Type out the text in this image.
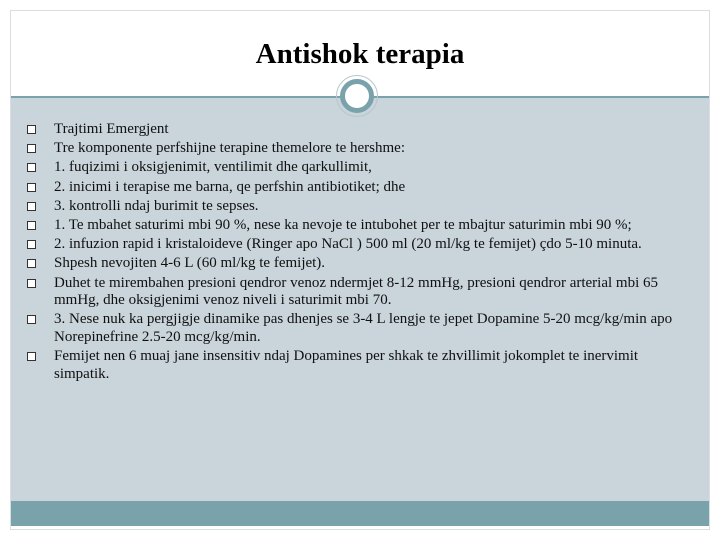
Antishok terapia
Trajtimi Emergjent
Tre komponente perfshijne terapine themelore te hershme:
1. fuqizimi i oksigjenimit, ventilimit dhe qarkullimit,
2. inicimi i terapise me barna, qe perfshin antibiotiket; dhe
3. kontrolli ndaj burimit te sepses.
1. Te mbahet saturimi mbi 90 %, nese ka nevoje te intubohet per te mbajtur saturimin mbi 90 %;
2. infuzion rapid i kristaloideve (Ringer apo NaCl ) 500 ml (20 ml/kg te femijet) çdo 5-10 minuta.
Shpesh nevojiten 4-6 L (60 ml/kg te femijet).
Duhet te mirembahen presioni qendror venoz ndermjet 8-12 mmHg, presioni qendror arterial mbi 65 mmHg, dhe oksigjenimi venoz niveli i saturimit mbi 70.
3. Nese nuk ka pergjigje dinamike pas dhenjes se 3-4 L lengje te jepet Dopamine 5-20 mcg/kg/min apo Norepinefrine 2.5-20 mcg/kg/min.
Femijet nen 6 muaj jane insensitiv ndaj Dopamines per shkak te zhvillimit jokomplet te inervimit simpatik.
